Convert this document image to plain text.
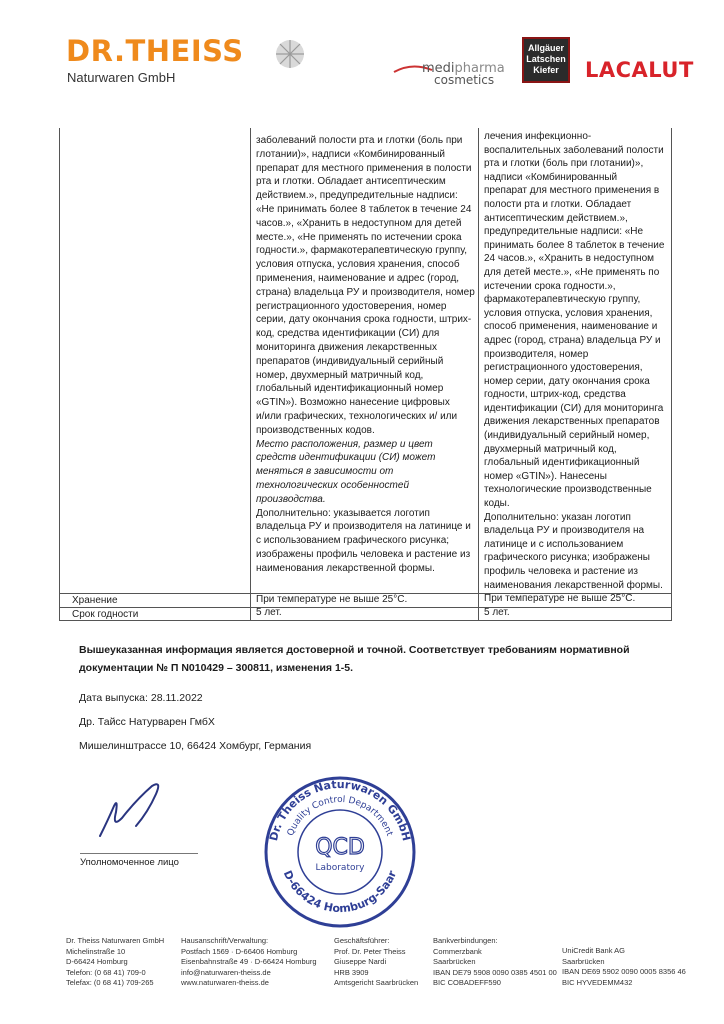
DR.THEISS
Naturwaren GmbH
medipharma
cosmetics
Allgäuer
Latschen
Kiefer	LACALUT
заболеваний полости рта и глотки (боль при
глотании)», надписи «Комбинированный
препарат для местного применения в полости
рта и глотки. Обладает антисептическим
действием.», предупредительные надписи:
«Не принимать более 8 таблеток в течение 24
часов.», «Хранить в недоступном для детей
месте.», «Не применять по истечении срока
годности.», фармакотерапевтическую группу,
условия отпуска, условия хранения, способ
применения, наименование и адрес (город,
страна) владельца РУ и производителя, номер
регистрационного удостоверения, номер
серии, дату окончания срока годности, штрих-
код, средства идентификации (СИ) для
мониторинга движения лекарственных
препаратов (индивидуальный серийный
номер, двухмерный матричный код,
глобальный идентификационный номер
«GTIN»). Возможно нанесение цифровых
и/или графических, технологических и/ или
производственных кодов.
Место расположения, размер и цвет
средств идентификации (СИ) может
меняться в зависимости от
технологических особенностей
производства.
Дополнительно: указывается логотип
владельца РУ и производителя на латинице и
с использованием графического рисунка;
изображены профиль человека и растение из
наименования лекарственной формы.
лечения инфекционно-
воспалительных заболеваний полости
рта и глотки (боль при глотании)»,
надписи «Комбинированный
препарат для местного применения в
полости рта и глотки. Обладает
антисептическим действием.»,
предупредительные надписи: «Не
принимать более 8 таблеток в течение
24 часов.», «Хранить в недоступном
для детей месте.», «Не применять по
истечении срока годности.»,
фармакотерапевтическую группу,
условия отпуска, условия хранения,
способ применения, наименование и
адрес (город, страна) владельца РУ и
производителя, номер
регистрационного удостоверения,
номер серии, дату окончания срока
годности, штрих-код, средства
идентификации (СИ) для мониторинга
движения лекарственных препаратов
(индивидуальный серийный номер,
двухмерный матричный код,
глобальный идентификационный
номер «GTIN»). Нанесены
технологические производственные
коды.
Дополнительно: указан логотип
владельца РУ и производителя на
латинице и с использованием
графического рисунка; изображены
профиль человека и растение из
наименования лекарственной формы.
Хранение	При температуре не выше 25°С.	При температуре не выше 25°С.
Срок годности	5 лет.	5 лет.
Вышеуказанная информация является достоверной и точной. Соответствует требованиям нормативной
документации № П N010429 – 300811, изменения 1-5.
Дата выпуска: 28.11.2022
Др. Тайсс Натурварен ГмбХ
Мишелинштрассе 10, 66424 Хомбург, Германия
Уполномоченное лицо
Dr. Theiss Naturwaren GmbH
Quality Control Department
D-66424 Homburg-Saar
QCD
Laboratory
Dr. Theiss Naturwaren GmbH
Michelinstraße 10
D-66424 Homburg
Telefon: (0 68 41) 709-0
Telefax: (0 68 41) 709-265
Hausanschrift/Verwaltung:
Postfach 1569 · D-66406 Homburg
Eisenbahnstraße 49 · D-66424 Homburg
info@naturwaren-theiss.de
www.naturwaren-theiss.de
Geschäftsführer:
Prof. Dr. Peter Theiss
Giuseppe Nardi
HRB 3909
Amtsgericht Saarbrücken
Bankverbindungen:
Commerzbank
Saarbrücken
IBAN DE79 5908 0090 0385 4501 00
BIC COBADEFF590
UniCredit Bank AG
Saarbrücken
IBAN DE69 5902 0090 0005 8356 46
BIC HYVEDEMM432
